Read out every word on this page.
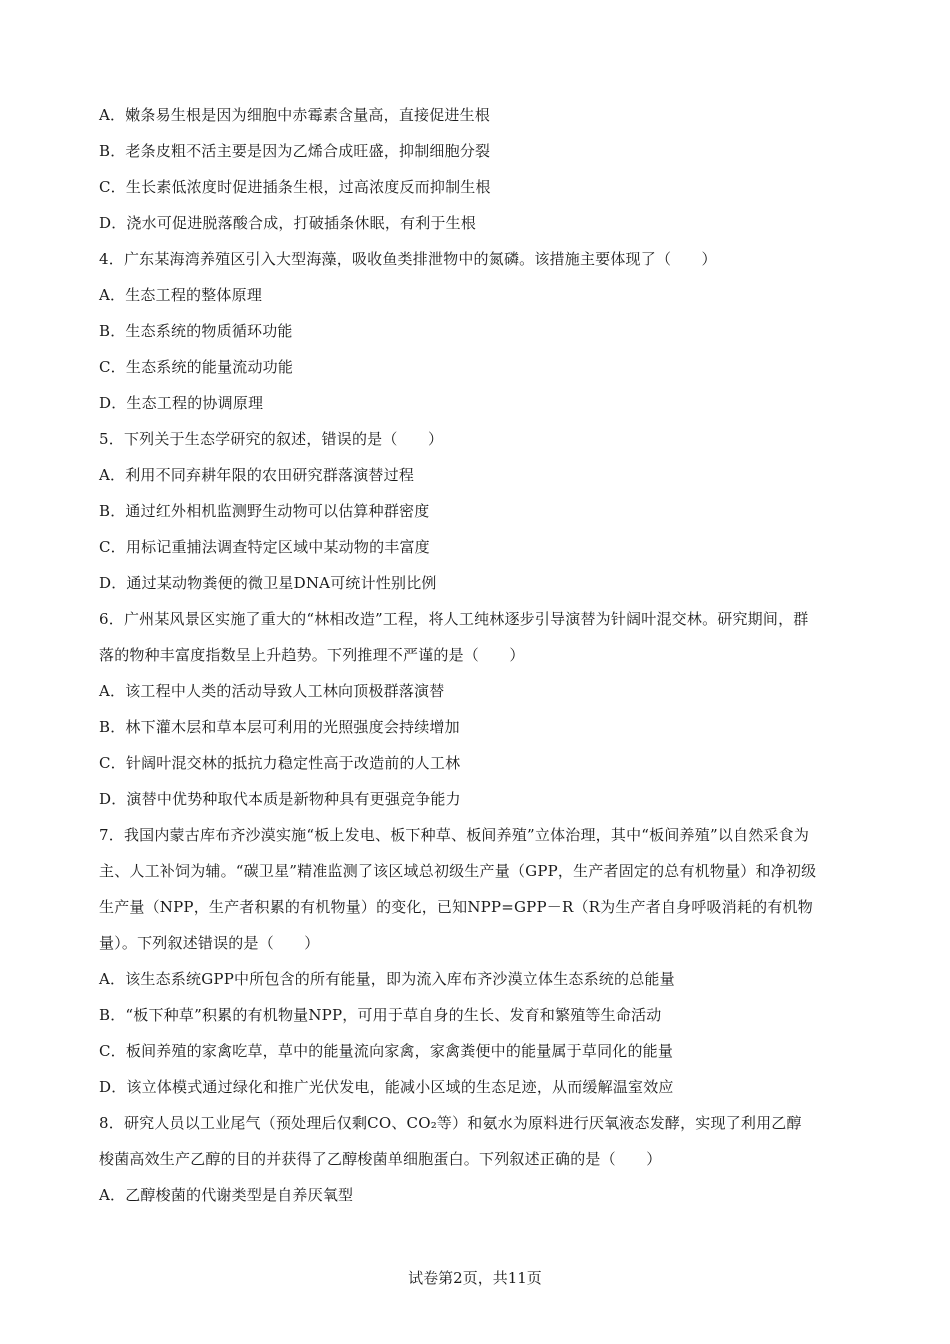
A．嫩条易生根是因为细胞中赤霉素含量高，直接促进生根
B．老条皮粗不活主要是因为乙烯合成旺盛，抑制细胞分裂
C．生长素低浓度时促进插条生根，过高浓度反而抑制生根
D．浇水可促进脱落酸合成，打破插条休眠，有利于生根
4．广东某海湾养殖区引入大型海藻，吸收鱼类排泄物中的氮磷。该措施主要体现了（　　）
A．生态工程的整体原理
B．生态系统的物质循环功能
C．生态系统的能量流动功能
D．生态工程的协调原理
5．下列关于生态学研究的叙述，错误的是（　　）
A．利用不同弃耕年限的农田研究群落演替过程
B．通过红外相机监测野生动物可以估算种群密度
C．用标记重捕法调查特定区域中某动物的丰富度
D．通过某动物粪便的微卫星DNA可统计性别比例
6．广州某风景区实施了重大的“林相改造”工程，将人工纯林逐步引导演替为针阔叶混交林。研究期间，群
落的物种丰富度指数呈上升趋势。下列推理不严谨的是（　　）
A．该工程中人类的活动导致人工林向顶极群落演替
B．林下灌木层和草本层可利用的光照强度会持续增加
C．针阔叶混交林的抵抗力稳定性高于改造前的人工林
D．演替中优势种取代本质是新物种具有更强竞争能力
7．我国内蒙古库布齐沙漠实施“板上发电、板下种草、板间养殖”立体治理，其中“板间养殖”以自然采食为
主、人工补饲为辅。“碳卫星”精准监测了该区域总初级生产量（GPP，生产者固定的总有机物量）和净初级
生产量（NPP，生产者积累的有机物量）的变化，已知NPP=GPP－R（R为生产者自身呼吸消耗的有机物
量）。下列叙述错误的是（　　）
A．该生态系统GPP中所包含的所有能量，即为流入库布齐沙漠立体生态系统的总能量
B．“板下种草”积累的有机物量NPP，可用于草自身的生长、发育和繁殖等生命活动
C．板间养殖的家禽吃草，草中的能量流向家禽，家禽粪便中的能量属于草同化的能量
D．该立体模式通过绿化和推广光伏发电，能减小区域的生态足迹，从而缓解温室效应
8．研究人员以工业尾气（预处理后仅剩CO、CO₂等）和氨水为原料进行厌氧液态发酵，实现了利用乙醇
梭菌高效生产乙醇的目的并获得了乙醇梭菌单细胞蛋白。下列叙述正确的是（　　）
A．乙醇梭菌的代谢类型是自养厌氧型
试卷第2页，共11页
